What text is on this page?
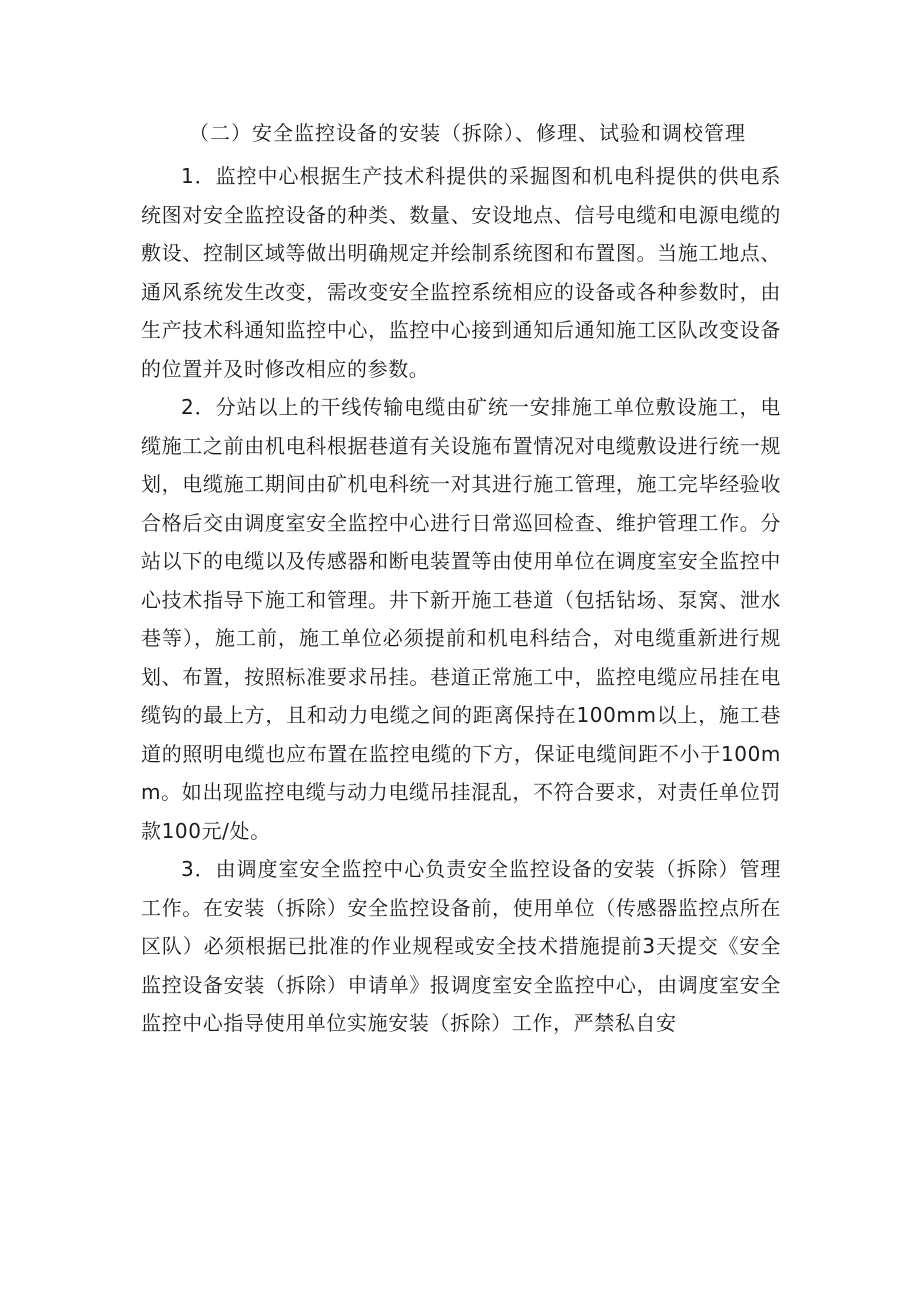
（二）安全监控设备的安装（拆除）、修理、试验和调校管理

1．监控中心根据生产技术科提供的采掘图和机电科提供的供电系统图对安全监控设备的种类、数量、安设地点、信号电缆和电源电缆的敷设、控制区域等做出明确规定并绘制系统图和布置图。当施工地点、通风系统发生改变，需改变安全监控系统相应的设备或各种参数时，由生产技术科通知监控中心，监控中心接到通知后通知施工区队改变设备的位置并及时修改相应的参数。

2．分站以上的干线传输电缆由矿统一安排施工单位敷设施工，电缆施工之前由机电科根据巷道有关设施布置情况对电缆敷设进行统一规划，电缆施工期间由矿机电科统一对其进行施工管理，施工完毕经验收合格后交由调度室安全监控中心进行日常巡回检查、维护管理工作。分站以下的电缆以及传感器和断电装置等由使用单位在调度室安全监控中心技术指导下施工和管理。井下新开施工巷道（包括钻场、泵窝、泄水巷等），施工前，施工单位必须提前和机电科结合，对电缆重新进行规划、布置，按照标准要求吊挂。巷道正常施工中，监控电缆应吊挂在电缆钩的最上方，且和动力电缆之间的距离保持在100mm以上，施工巷道的照明电缆也应布置在监控电缆的下方，保证电缆间距不小于100mm。如出现监控电缆与动力电缆吊挂混乱，不符合要求，对责任单位罚款100元/处。

3．由调度室安全监控中心负责安全监控设备的安装（拆除）管理工作。在安装（拆除）安全监控设备前，使用单位（传感器监控点所在区队）必须根据已批准的作业规程或安全技术措施提前3天提交《安全监控设备安装（拆除）申请单》报调度室安全监控中心，由调度室安全监控中心指导使用单位实施安装（拆除）工作，严禁私自安
